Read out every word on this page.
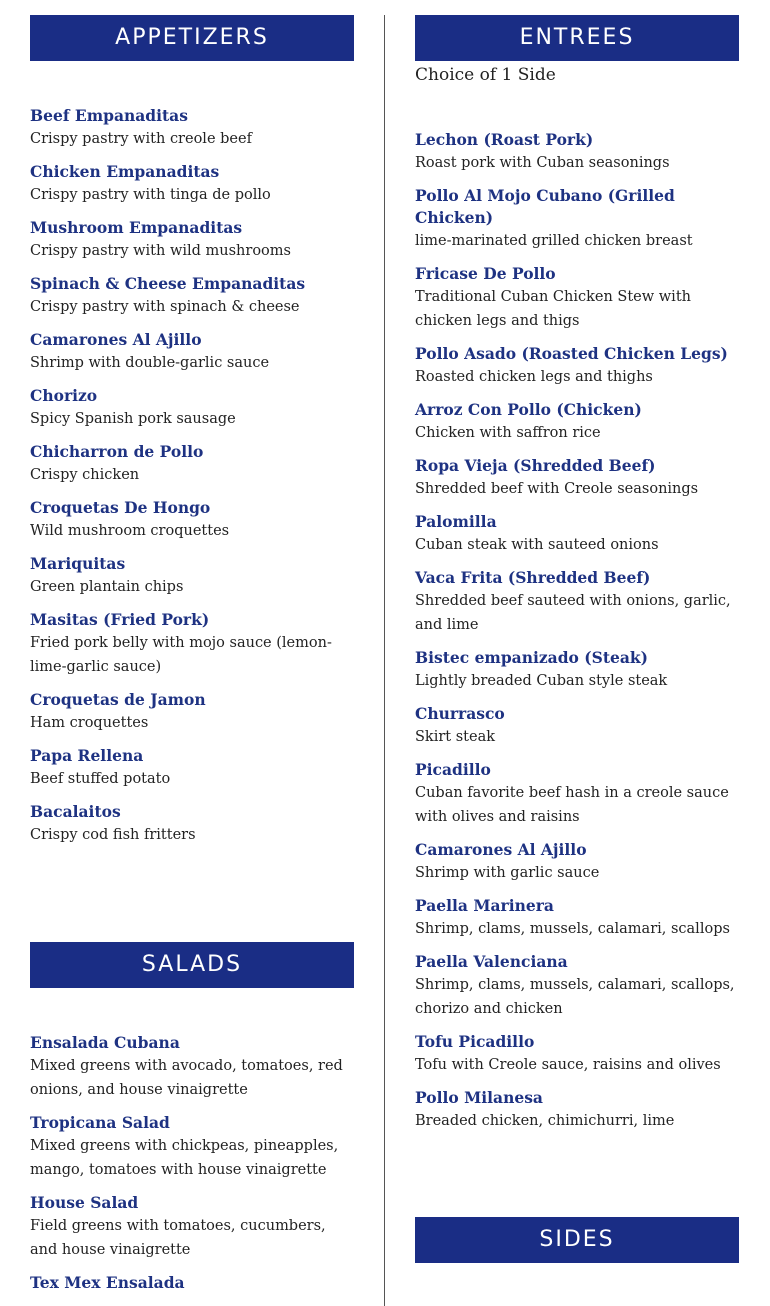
APPETIZERS
Beef Empanaditas
Crispy pastry with creole beef
Chicken Empanaditas
Crispy pastry with tinga de pollo
Mushroom Empanaditas
Crispy pastry with wild mushrooms
Spinach & Cheese Empanaditas
Crispy pastry with spinach & cheese
Camarones Al Ajillo
Shrimp with double-garlic sauce
Chorizo
Spicy Spanish pork sausage
Chicharron de Pollo
Crispy chicken
Croquetas De Hongo
Wild mushroom croquettes
Mariquitas
Green plantain chips
Masitas (Fried Pork)
Fried pork belly with mojo sauce (lemon-lime-garlic sauce)
Croquetas de Jamon
Ham croquettes
Papa Rellena
Beef stuffed potato
Bacalaitos
Crispy cod fish fritters
SALADS
Ensalada Cubana
Mixed greens with avocado, tomatoes, red onions, and house vinaigrette
Tropicana Salad
Mixed greens with chickpeas, pineapples, mango, tomatoes with house vinaigrette
House Salad
Field greens with tomatoes, cucumbers, and house vinaigrette
Tex Mex Ensalada
ENTREES
Choice of 1 Side
Lechon (Roast Pork)
Roast pork with Cuban seasonings
Pollo Al Mojo Cubano (Grilled Chicken)
lime-marinated grilled chicken breast
Fricase De Pollo
Traditional Cuban Chicken Stew with chicken legs and thigs
Pollo Asado (Roasted Chicken Legs)
Roasted chicken legs and thighs
Arroz Con Pollo (Chicken)
Chicken with saffron rice
Ropa Vieja (Shredded Beef)
Shredded beef with Creole seasonings
Palomilla
Cuban steak with sauteed onions
Vaca Frita (Shredded Beef)
Shredded beef sauteed with onions, garlic, and lime
Bistec empanizado (Steak)
Lightly breaded Cuban style steak
Churrasco
Skirt steak
Picadillo
Cuban favorite beef hash in a creole sauce with olives and raisins
Camarones Al Ajillo
Shrimp with garlic sauce
Paella Marinera
Shrimp, clams, mussels, calamari, scallops
Paella Valenciana
Shrimp, clams, mussels, calamari, scallops, chorizo and chicken
Tofu Picadillo
Tofu with Creole sauce, raisins and olives
Pollo Milanesa
Breaded chicken, chimichurri, lime
SIDES
